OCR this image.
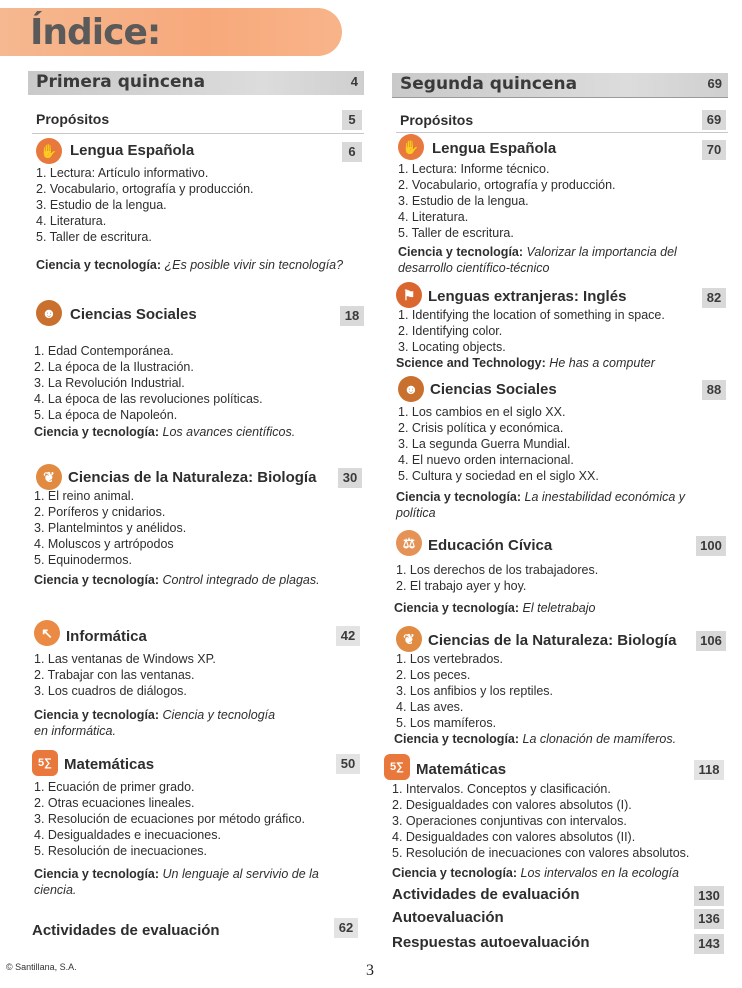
Índice:
Primera quincena	4
Propósitos	5
✋ Lengua Española	6
1. Lectura: Artículo informativo.
2. Vocabulario, ortografía y producción.
3. Estudio de la lengua.
4. Literatura.
5. Taller de escritura.
Ciencia y tecnología: ¿Es posible vivir sin tecnología?
☻ Ciencias Sociales	18
1. Edad Contemporánea.
2. La época de la Ilustración.
3. La Revolución Industrial.
4. La época de las revoluciones políticas.
5. La época de Napoleón.
Ciencia y tecnología: Los avances científicos.
❦ Ciencias de la Naturaleza: Biología	30
1. El reino animal.
2. Poríferos y cnidarios.
3. Plantelmintos y anélidos.
4. Moluscos y artrópodos
5. Equinodermos.
Ciencia y tecnología: Control integrado de plagas.
↖ Informática	42
1. Las ventanas de Windows XP.
2. Trabajar con las ventanas.
3. Los cuadros de diálogos.
Ciencia y tecnología: Ciencia y tecnología
en informática.
5∑ Matemáticas	50
1. Ecuación de primer grado.
2. Otras ecuaciones lineales.
3. Resolución de ecuaciones por método gráfico.
4. Desigualdades e inecuaciones.
5. Resolución de inecuaciones.
Ciencia y tecnología: Un lenguaje al servivio de la
ciencia.
Actividades de evaluación	62
Segunda quincena	69
Propósitos	69
✋ Lengua Española	70
1. Lectura: Informe técnico.
2. Vocabulario, ortografía y producción.
3. Estudio de la lengua.
4. Literatura.
5. Taller de escritura.
Ciencia y tecnología: Valorizar la importancia del
desarrollo científico-técnico
⚑ Lenguas extranjeras: Inglés	82
1. Identifying the location of something in space.
2. Identifying color.
3. Locating objects.
Science and Technology: He has a computer
☻ Ciencias Sociales	88
1. Los cambios en el siglo XX.
2. Crisis política y económica.
3. La segunda Guerra Mundial.
4. El nuevo orden internacional.
5. Cultura y sociedad en el siglo XX.
Ciencia y tecnología: La inestabilidad económica y
política
⚖ Educación Cívica	100
1. Los derechos de los trabajadores.
2. El trabajo ayer y hoy.
Ciencia y tecnología: El teletrabajo
❦ Ciencias de la Naturaleza: Biología	106
1. Los vertebrados.
2. Los peces.
3. Los anfibios y los reptiles.
4. Las aves.
5. Los mamíferos.
Ciencia y tecnología: La clonación de mamíferos.
5∑ Matemáticas	118
1. Intervalos. Conceptos y clasificación.
2. Desigualdades con valores absolutos (I).
3. Operaciones conjuntivas con intervalos.
4. Desigualdades con valores absolutos (II).
5. Resolución de inecuaciones con valores absolutos.
Ciencia y tecnología: Los intervalos en la ecología
Actividades de evaluación	130
Autoevaluación	136
Respuestas autoevaluación	143
© Santillana, S.A.	3
